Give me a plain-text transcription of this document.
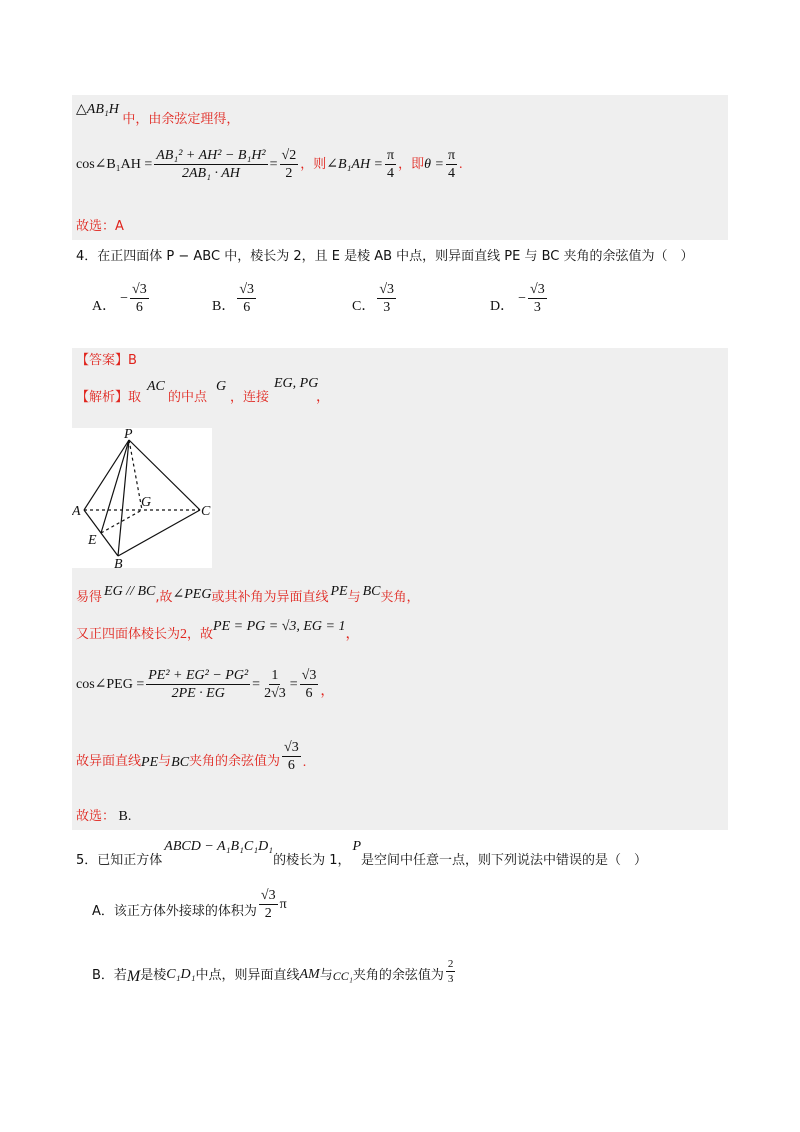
△AB₁H 中，由余弦定理得，
cos∠B₁AH = $\frac{\text{AB₁² + AH² − B₁H²}}{\text{2AB₁ · AH}} = \frac{√2}{2}$ ，则 ∠B₁AH = $\frac{\pi}{4}$ ，即 $\theta = \frac{\pi}{4}$ .
故选：A
4．在正四面体 P − ABC 中，棱长为 2，且 E 是棱 AB 中点，则异面直线 PE 与 BC 夹角的余弦值为（　）
A．
− $\frac{√3}{6}$	B． $\frac{√3}{6}$	C． $\frac{√3}{3}$	D．
− $\frac{√3}{3}$
【答案】B
【解析】取
AC
的中点
G
，连接
EG, PG
，
P
A
B
C
E
G
易得 EG // BC ,故 ∠PEG 或其补角为异面直线 PE 与 BC 夹角，
又正四面体棱长为 2 ，故
PE = PG = √3, EG = 1
，
cos∠PEG = $\frac{\text{PE² + EG² − PG²}}{2PE \cdot EG} = \frac{1}{2√3} = \frac{√3}{6}$ ，
故异面直线 PE 与 BC 夹角的余弦值为 $\frac{√3}{6}$ .
故选： B.
5．已知正方体
ABCD − A₁B₁C₁D₁
的棱长为 1，
P
是空间中任意一点，则下列说法中错误的是（　）
A．该正方体外接球的体积为 $\frac{√3}{2}$ π
B．若 M 是棱 C₁D₁ 中点，则异面直线 AM 与 CC₁ 夹角的余弦值为 $\frac{2}{3}$
